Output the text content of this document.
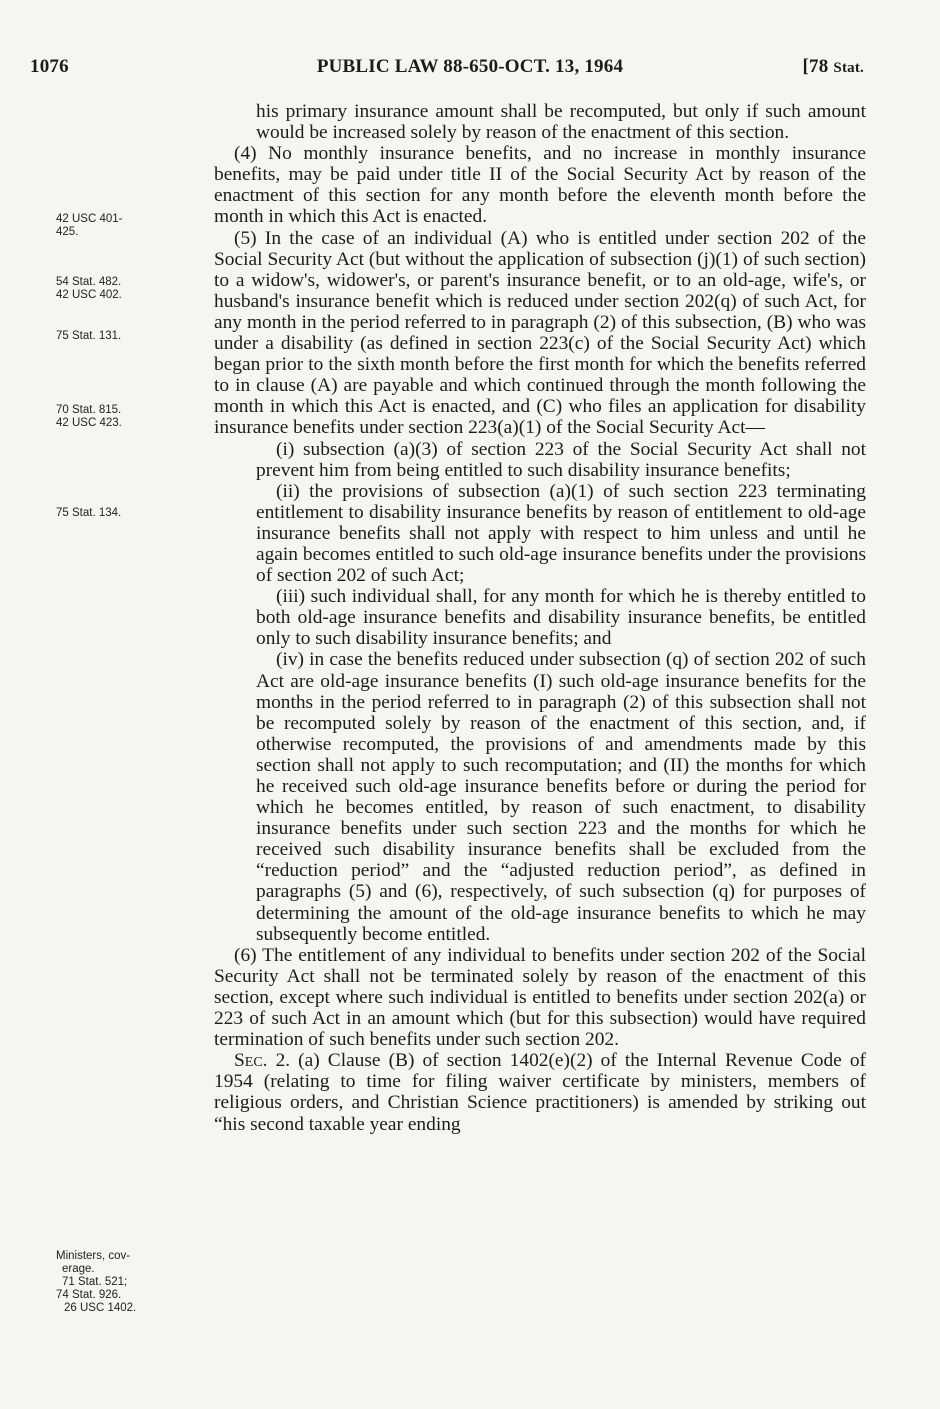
1076	PUBLIC LAW 88-650-OCT. 13, 1964	[78 Stat.
42 USC 401-
425.
54 Stat. 482.
42 USC 402.
75 Stat. 131.
70 Stat. 815.
42 USC 423.
75 Stat. 134.
Ministers, cov-
erage.
71 Stat. 521;
74 Stat. 926.
26 USC 1402.

his primary insurance amount shall be recomputed, but only if such amount would be increased solely by reason of the enactment of this section.

(4) No monthly insurance benefits, and no increase in monthly insurance benefits, may be paid under title II of the Social Security Act by reason of the enactment of this section for any month before the eleventh month before the month in which this Act is enacted.

(5) In the case of an individual (A) who is entitled under section 202 of the Social Security Act (but without the application of subsection (j)(1) of such section) to a widow's, widower's, or parent's insurance benefit, or to an old-age, wife's, or husband's insurance benefit which is reduced under section 202(q) of such Act, for any month in the period referred to in paragraph (2) of this subsection, (B) who was under a disability (as defined in section 223(c) of the Social Security Act) which began prior to the sixth month before the first month for which the benefits referred to in clause (A) are payable and which continued through the month following the month in which this Act is enacted, and (C) who files an application for disability insurance benefits under section 223(a)(1) of the Social Security Act—

(i) subsection (a)(3) of section 223 of the Social Security Act shall not prevent him from being entitled to such disability insurance benefits;

(ii) the provisions of subsection (a)(1) of such section 223 terminating entitlement to disability insurance benefits by reason of entitlement to old-age insurance benefits shall not apply with respect to him unless and until he again becomes entitled to such old-age insurance benefits under the provisions of section 202 of such Act;

(iii) such individual shall, for any month for which he is thereby entitled to both old-age insurance benefits and disability insurance benefits, be entitled only to such disability insurance benefits; and

(iv) in case the benefits reduced under subsection (q) of section 202 of such Act are old-age insurance benefits (I) such old-age insurance benefits for the months in the period referred to in paragraph (2) of this subsection shall not be recomputed solely by reason of the enactment of this section, and, if otherwise recomputed, the provisions of and amendments made by this section shall not apply to such recomputation; and (II) the months for which he received such old-age insurance benefits before or during the period for which he becomes entitled, by reason of such enactment, to disability insurance benefits under such section 223 and the months for which he received such disability insurance benefits shall be excluded from the “reduction period” and the “adjusted reduction period”, as defined in paragraphs (5) and (6), respectively, of such subsection (q) for purposes of determining the amount of the old-age insurance benefits to which he may subsequently become entitled.

(6) The entitlement of any individual to benefits under section 202 of the Social Security Act shall not be terminated solely by reason of the enactment of this section, except where such individual is entitled to benefits under section 202(a) or 223 of such Act in an amount which (but for this subsection) would have required termination of such benefits under such section 202.

Sec. 2. (a) Clause (B) of section 1402(e)(2) of the Internal Revenue Code of 1954 (relating to time for filing waiver certificate by ministers, members of religious orders, and Christian Science practitioners) is amended by striking out “his second taxable year ending
